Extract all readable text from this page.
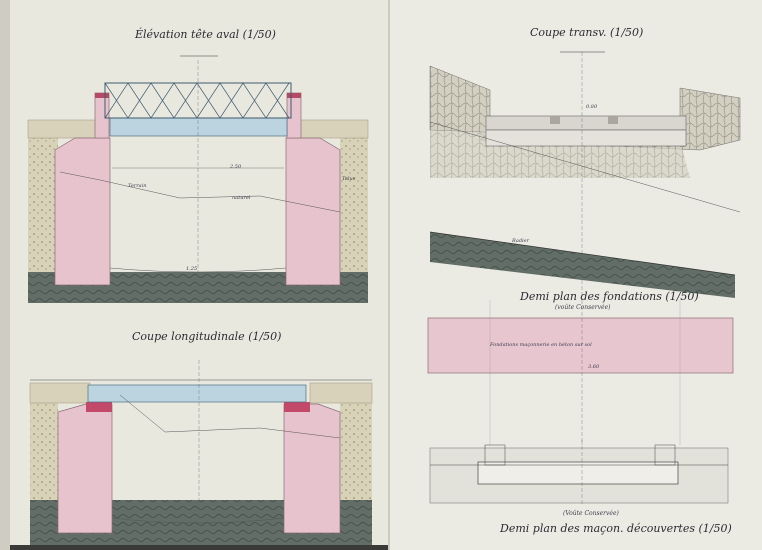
Élévation tête aval (1/50)	Coupe transv. (1/50)
Coupe longitudinale (1/50)
Demi plan des fondations (1/50)
(voûte Conservée)
Demi plan des maçon. découvertes (1/50)
(Voûte Conservée)
Terrain
naturel
Talus
Radier
Fondations maçonnerie en béton sur sol
2.50
3.60
1.25
0.80
